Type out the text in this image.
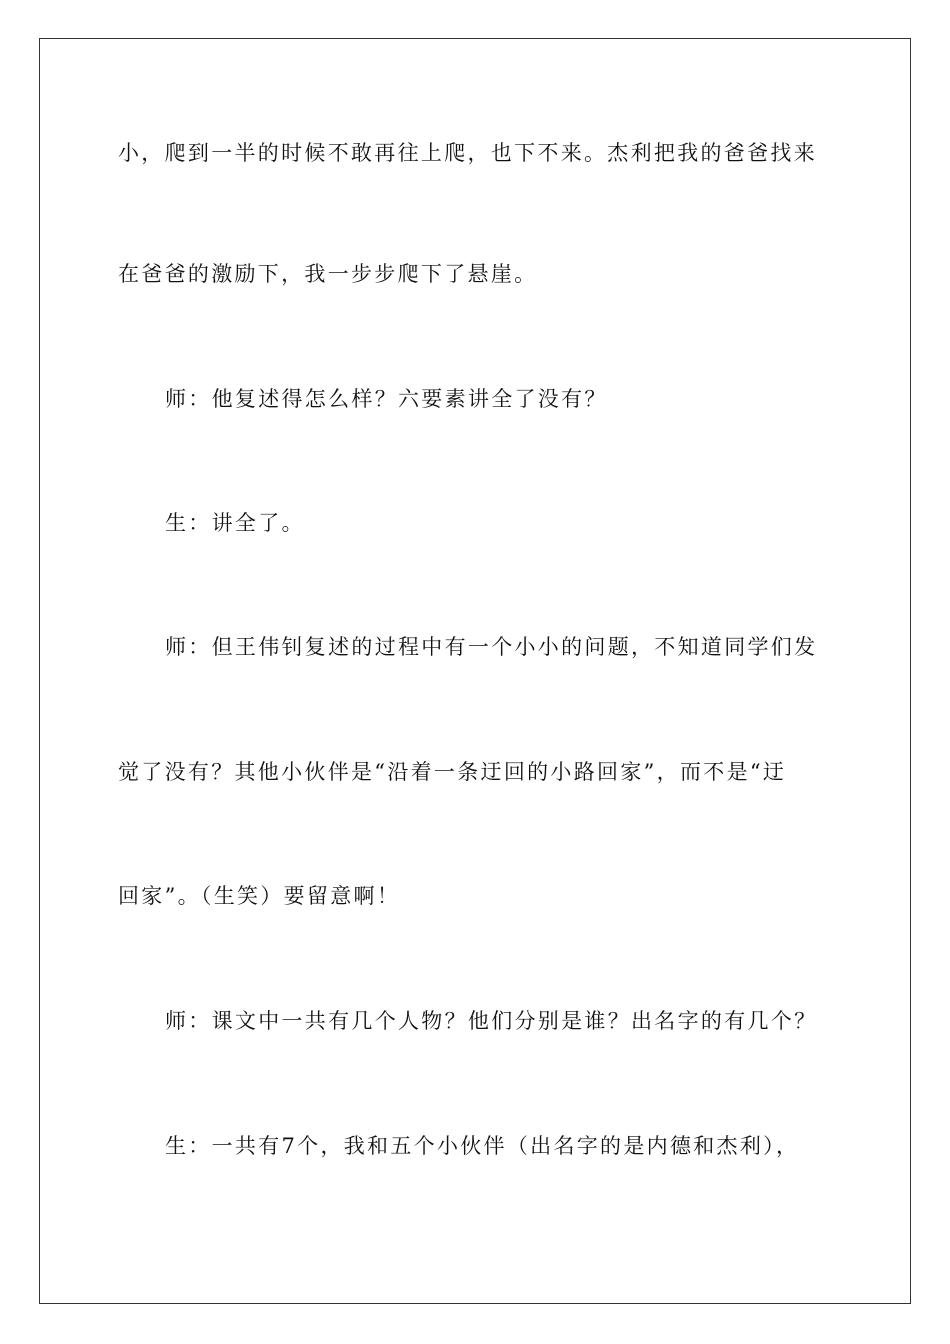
小，爬到一半的时候不敢再往上爬，也下不来。杰利把我的爸爸找来
在爸爸的激励下，我一步步爬下了悬崖。
师：他复述得怎么样？六要素讲全了没有？
生：讲全了。
师：但王伟钊复述的过程中有一个小小的问题，不知道同学们发
觉了没有？其他小伙伴是“沿着一条迂回的小路回家”，而不是“迂
回家”。（生笑）要留意啊！
师：课文中一共有几个人物？他们分别是谁？出名字的有几个？
生：一共有7个，我和五个小伙伴（出名字的是内德和杰利），
